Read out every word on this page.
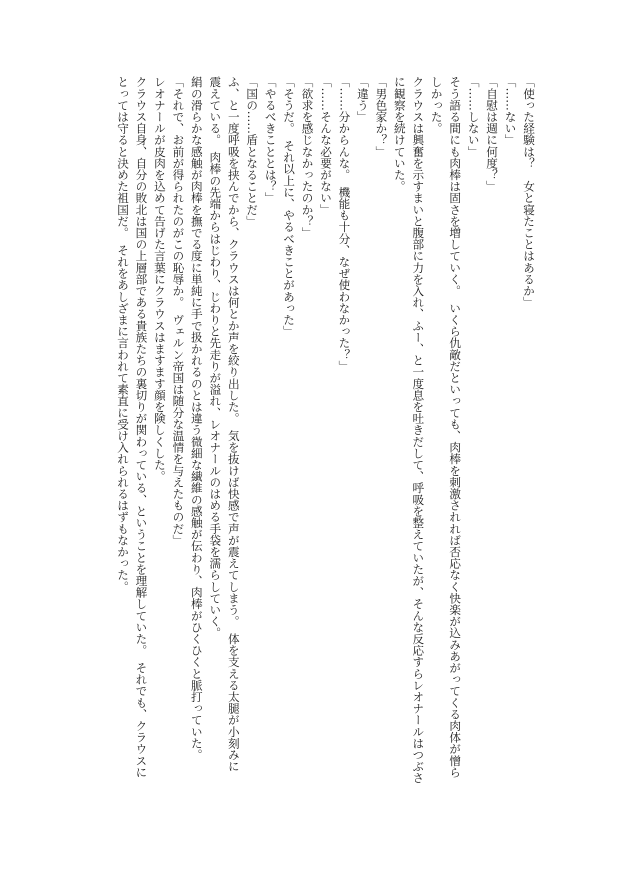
「使った経験は？　女と寝たことはあるか」

「……ない」

「自慰は週に何度？」

「……しない」

そう語る間にも肉棒は固さを増していく。　いくら仇敵だといっても、肉棒を刺激されれば否応なく快楽が込みあがってくる肉体が憎ら

しかった。

クラウスは興奮を示すまいと腹部に力を入れ、ふー、と一度息を吐きだして、呼吸を整えていたが、そんな反応すらレオナールはつぶさ

に観察を続けていた。

「男色家か？」

「違う」

「……分からんな。　機能も十分、なぜ使わなかった？」

「……そんな必要がない」

「欲求を感じなかったのか？」

「そうだ。　それ以上に、やるべきことがあった」

「やるべきこととは？」

「国の……盾となることだ」

ふ、と一度呼吸を挟んでから、クラウスは何とか声を絞り出した。　気を抜けば快感で声が震えてしまう。　体を支える太腿が小刻みに

震えている。　肉棒の先端からはじわり、じわりと先走りが溢れ、レオナールのはめる手袋を濡らしていく。

絹の滑らかな感触が肉棒を撫でる度に単純に手で扱かれるのとは違う微細な繊維の感触が伝わり、肉棒がひくひくと脈打っていた。

「それで、お前が得られたのがこの恥辱か。　ヴェルン帝国は随分な温情を与えたものだ」

レオナールが皮肉を込めて告げた言葉にクラウスはますます顔を険しくした。

クラウス自身、自分の敗北は国の上層部である貴族たちの裏切りが関わっている、ということを理解していた。　それでも、クラウスに

とっては守ると決めた祖国だ。　それをあしざまに言われて素直に受け入れられるはずもなかった。
